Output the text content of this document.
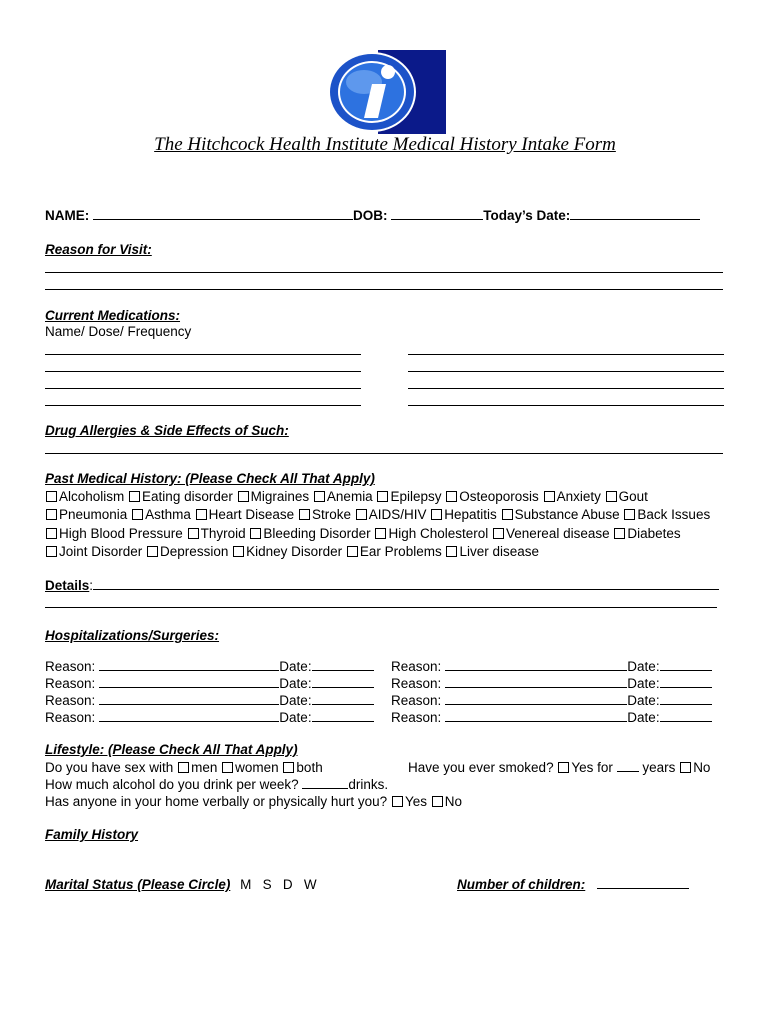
The Hitchcock Health Institute Medical History Intake Form
NAME:	DOB:	Today’s Date:
Reason for Visit:
Current Medications:
Name/ Dose/ Frequency
Drug Allergies & Side Effects of Such:
Past Medical History: (Please Check All That Apply)
Alcoholism Eating disorder Migraines Anemia Epilepsy Osteoporosis Anxiety Gout
Pneumonia Asthma Heart Disease Stroke AIDS/HIV Hepatitis Substance Abuse Back Issues
High Blood Pressure Thyroid Bleeding Disorder High Cholesterol Venereal disease Diabetes
Joint Disorder Depression Kidney Disorder Ear Problems Liver disease
Details:
Hospitalizations/Surgeries:
Reason:	Date:	Reason:	Date:
Reason:	Date:	Reason:	Date:
Reason:	Date:	Reason:	Date:
Reason:	Date:	Reason:	Date:
Lifestyle: (Please Check All That Apply)
Do you have sex with men women both	Have you ever smoked? Yes for years No
How much alcohol do you drink per week?	drinks.
Has anyone in your home verbally or physically hurt you? Yes No
Family History
Marital Status (Please Circle) M   S   D   W	Number of children:
